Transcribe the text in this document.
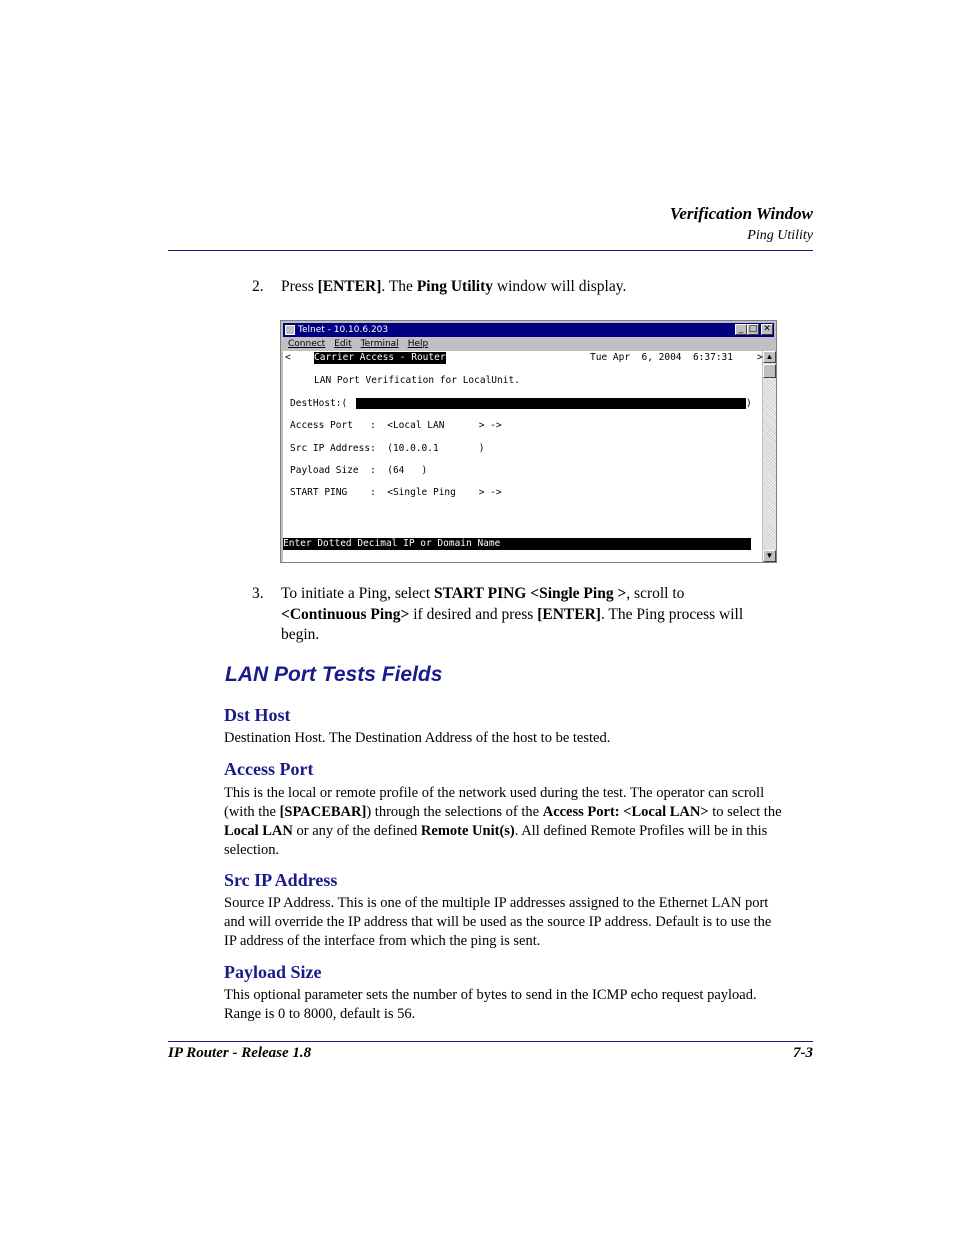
Verification Window
Ping Utility
2.	Press [ENTER]. The Ping Utility window will display.
Telnet - 10.10.6.203	_ □ ✕
Connect Edit Terminal Help
< Carrier Access - Router	Tue Apr  6, 2004  6:37:31	>
LAN Port Verification for LocalUnit.
DestHost:(	)
Access Port   :  <Local LAN      > ->
Src IP Address:  (10.0.0.1       )
Payload Size  :  (64   )
START PING    :  <Single Ping    > ->
Enter Dotted Decimal IP or Domain Name
▲
▼
3.	To initiate a Ping, select START PING <Single Ping >, scroll to
<Continuous Ping> if desired and press [ENTER]. The Ping process will
begin.
LAN Port Tests Fields
Dst Host
Destination Host. The Destination Address of the host to be tested.
Access Port
This is the local or remote profile of the network used during the test. The operator can scroll
(with the [SPACEBAR]) through the selections of the Access Port: <Local LAN> to select the
Local LAN or any of the defined Remote Unit(s). All defined Remote Profiles will be in this
selection.
Src IP Address
Source IP Address. This is one of the multiple IP addresses assigned to the Ethernet LAN port
and will override the IP address that will be used as the source IP address. Default is to use the
IP address of the interface from which the ping is sent.
Payload Size
This optional parameter sets the number of bytes to send in the ICMP echo request payload.
Range is 0 to 8000, default is 56.
IP Router - Release 1.8	7-3
